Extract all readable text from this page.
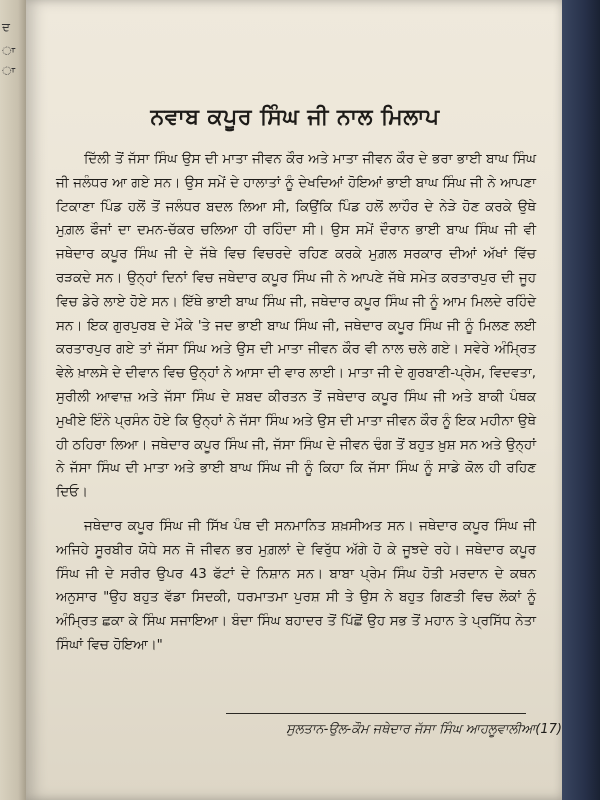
ਦ
ਾ
ਾ
ਨਵਾਬ ਕਪੂਰ ਸਿੰਘ ਜੀ ਨਾਲ ਮਿਲਾਪ

ਦਿੱਲੀ ਤੋਂ ਜੱਸਾ ਸਿੰਘ ਉਸ ਦੀ ਮਾਤਾ ਜੀਵਨ ਕੌਰ ਅਤੇ ਮਾਤਾ ਜੀਵਨ ਕੌਰ ਦੇ ਭਰਾ ਭਾਈ ਬਾਘ ਸਿੰਘ ਜੀ ਜਲੰਧਰ ਆ ਗਏ ਸਨ। ਉਸ ਸਮੇਂ ਦੇ ਹਾਲਾਤਾਂ ਨੂੰ ਦੇਖਦਿਆਂ ਹੋਇਆਂ ਭਾਈ ਬਾਘ ਸਿੰਘ ਜੀ ਨੇ ਆਪਣਾ ਟਿਕਾਣਾ ਪਿੰਡ ਹਲੋਂ ਤੋਂ ਜਲੰਧਰ ਬਦਲ ਲਿਆ ਸੀ, ਕਿਉਂਕਿ ਪਿੰਡ ਹਲੋਂ ਲਾਹੌਰ ਦੇ ਨੇੜੇ ਹੋਣ ਕਰਕੇ ਉਥੇ ਮੁਗ਼ਲ ਫੌਜਾਂ ਦਾ ਦਮਨ-ਚੱਕਰ ਚਲਿਆ ਹੀ ਰਹਿੰਦਾ ਸੀ। ਉਸ ਸਮੇਂ ਦੌਰਾਨ ਭਾਈ ਬਾਘ ਸਿੰਘ ਜੀ ਵੀ ਜਥੇਦਾਰ ਕਪੂਰ ਸਿੰਘ ਜੀ ਦੇ ਜੱਥੇ ਵਿਚ ਵਿਚਰਦੇ ਰਹਿਣ ਕਰਕੇ ਮੁਗ਼ਲ ਸਰਕਾਰ ਦੀਆਂ ਅੱਖਾਂ ਵਿੱਚ ਰੜਕਦੇ ਸਨ। ਉਨ੍ਹਾਂ ਦਿਨਾਂ ਵਿਚ ਜਥੇਦਾਰ ਕਪੂਰ ਸਿੰਘ ਜੀ ਨੇ ਆਪਣੇ ਜੱਥੇ ਸਮੇਤ ਕਰਤਾਰਪੁਰ ਦੀ ਜੂਹ ਵਿਚ ਡੇਰੇ ਲਾਏ ਹੋਏ ਸਨ। ਇੱਥੇ ਭਾਈ ਬਾਘ ਸਿੰਘ ਜੀ, ਜਥੇਦਾਰ ਕਪੂਰ ਸਿੰਘ ਜੀ ਨੂੰ ਆਮ ਮਿਲਦੇ ਰਹਿੰਦੇ ਸਨ। ਇਕ ਗੁਰਪੁਰਬ ਦੇ ਮੌਕੇ 'ਤੇ ਜਦ ਭਾਈ ਬਾਘ ਸਿੰਘ ਜੀ, ਜਥੇਦਾਰ ਕਪੂਰ ਸਿੰਘ ਜੀ ਨੂੰ ਮਿਲਣ ਲਈ ਕਰਤਾਰਪੁਰ ਗਏ ਤਾਂ ਜੱਸਾ ਸਿੰਘ ਅਤੇ ਉਸ ਦੀ ਮਾਤਾ ਜੀਵਨ ਕੌਰ ਵੀ ਨਾਲ ਚਲੇ ਗਏ। ਸਵੇਰੇ ਅੰਮ੍ਰਿਤ ਵੇਲੇ ਖ਼ਾਲਸੇ ਦੇ ਦੀਵਾਨ ਵਿਚ ਉਨ੍ਹਾਂ ਨੇ ਆਸਾ ਦੀ ਵਾਰ ਲਾਈ। ਮਾਤਾ ਜੀ ਦੇ ਗੁਰਬਾਣੀ-ਪ੍ਰੇਮ, ਵਿਦਵਤਾ, ਸੁਰੀਲੀ ਆਵਾਜ਼ ਅਤੇ ਜੱਸਾ ਸਿੰਘ ਦੇ ਸ਼ਬਦ ਕੀਰਤਨ ਤੋਂ ਜਥੇਦਾਰ ਕਪੂਰ ਸਿੰਘ ਜੀ ਅਤੇ ਬਾਕੀ ਪੰਥਕ ਮੁਖੀਏ ਇੰਨੇ ਪ੍ਰਸੰਨ ਹੋਏ ਕਿ ਉਨ੍ਹਾਂ ਨੇ ਜੱਸਾ ਸਿੰਘ ਅਤੇ ਉਸ ਦੀ ਮਾਤਾ ਜੀਵਨ ਕੌਰ ਨੂੰ ਇਕ ਮਹੀਨਾ ਉਥੇ ਹੀ ਠਹਿਰਾ ਲਿਆ। ਜਥੇਦਾਰ ਕਪੂਰ ਸਿੰਘ ਜੀ, ਜੱਸਾ ਸਿੰਘ ਦੇ ਜੀਵਨ ਢੰਗ ਤੋਂ ਬਹੁਤ ਖ਼ੁਸ਼ ਸਨ ਅਤੇ ਉਨ੍ਹਾਂ ਨੇ ਜੱਸਾ ਸਿੰਘ ਦੀ ਮਾਤਾ ਅਤੇ ਭਾਈ ਬਾਘ ਸਿੰਘ ਜੀ ਨੂੰ ਕਿਹਾ ਕਿ ਜੱਸਾ ਸਿੰਘ ਨੂੰ ਸਾਡੇ ਕੋਲ ਹੀ ਰਹਿਣ ਦਿਓ।

ਜਥੇਦਾਰ ਕਪੂਰ ਸਿੰਘ ਜੀ ਸਿੱਖ ਪੰਥ ਦੀ ਸਨਮਾਨਿਤ ਸ਼ਖ਼ਸੀਅਤ ਸਨ। ਜਥੇਦਾਰ ਕਪੂਰ ਸਿੰਘ ਜੀ ਅਜਿਹੇ ਸੂਰਬੀਰ ਯੋਧੇ ਸਨ ਜੋ ਜੀਵਨ ਭਰ ਮੁਗ਼ਲਾਂ ਦੇ ਵਿਰੁੱਧ ਅੱਗੇ ਹੋ ਕੇ ਜੂਝਦੇ ਰਹੇ। ਜਥੇਦਾਰ ਕਪੂਰ ਸਿੰਘ ਜੀ ਦੇ ਸਰੀਰ ਉਪਰ 43 ਫੱਟਾਂ ਦੇ ਨਿਸ਼ਾਨ ਸਨ। ਬਾਬਾ ਪ੍ਰੇਮ ਸਿੰਘ ਹੋਤੀ ਮਰਦਾਨ ਦੇ ਕਥਨ ਅਨੁਸਾਰ "ਉਹ ਬਹੁਤ ਵੱਡਾ ਸਿਦਕੀ, ਧਰਮਾਤਮਾ ਪੁਰਸ਼ ਸੀ ਤੇ ਉਸ ਨੇ ਬਹੁਤ ਗਿਣਤੀ ਵਿਚ ਲੋਕਾਂ ਨੂੰ ਅੰਮ੍ਰਿਤ ਛਕਾ ਕੇ ਸਿੰਘ ਸਜਾਇਆ। ਬੰਦਾ ਸਿੰਘ ਬਹਾਦਰ ਤੋਂ ਪਿੱਛੋਂ ਉਹ ਸਭ ਤੋਂ ਮਹਾਨ ਤੇ ਪ੍ਰਸਿੱਧ ਨੇਤਾ ਸਿੰਘਾਂ ਵਿਚ ਹੋਇਆ।"

ਸੁਲਤਾਨ-ਉਲ-ਕੌਮ ਜਥੇਦਾਰ ਜੱਸਾ ਸਿੰਘ ਆਹਲੂਵਾਲੀਆ(17)
